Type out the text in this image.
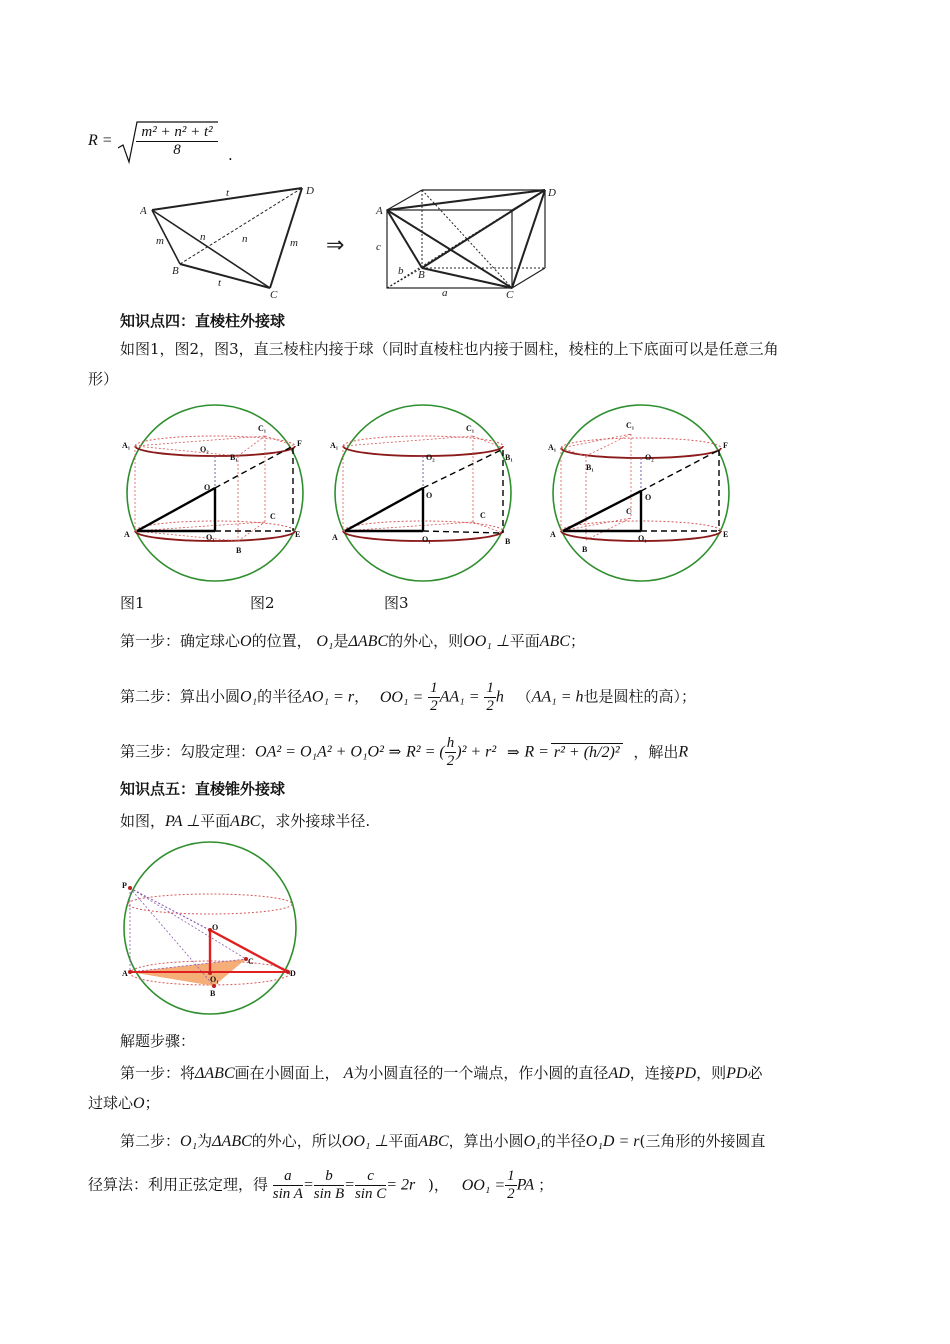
$R = \frac{\text{m² + n² + t²}}{8}$ .
A
D
B
C
t
t
n	n
m	m ⇒
A
D
B
C
a
b
c
知识点四：直棱柱外接球
如图1，图2，图3，直三棱柱内接于球（同时直棱柱也内接于圆柱，棱柱的上下底面可以是任意三角
形）
A₁
C₁
F
O₂
B₁
O
C
A	O₁	E
B
A₁
C₁
B₁
O₂
O
C
A	O₁	B
A₁
C₁
F
B₁
O₂
O
C
A	O₁	E
B
图1	图2	图3
第一步：确定球心O的位置， O₁是ΔABC的外心，则OO₁ ⊥平面ABC；
第二步：算出小圆O₁的半径AO₁ = r， $OO_1 = \frac{1}{2} AA_1 = \frac{1}{2}$ h （AA₁ = h也是圆柱的高）；
第三步：勾股定理：OA² = O₁A² + O₁O² ⇒ R² = ( $\frac{h}{2} )^2 + r^2$ ⇒ R = r² + (h/2)² ，解出R
知识点五：直棱锥外接球
如图，PA ⊥平面ABC，求外接球半径.
P
O
A
C
O₁
D
B
解题步骤：
第一步：将ΔABC画在小圆面上， A为小圆直径的一个端点，作小圆的直径AD，连接PD，则PD必
过球心O；
第二步：O₁为ΔABC的外心，所以OO₁ ⊥平面ABC，算出小圆O₁的半径O₁D = r(三角形的外接圆直
径算法：利用正弦定理，得 $\frac{a}{\text{sin A}} = \frac{b}{\text{sin B}} = \frac{c}{\text{sin C}} = 2r$ )， $OO_1 = \frac{1}{2}$ PA ；
